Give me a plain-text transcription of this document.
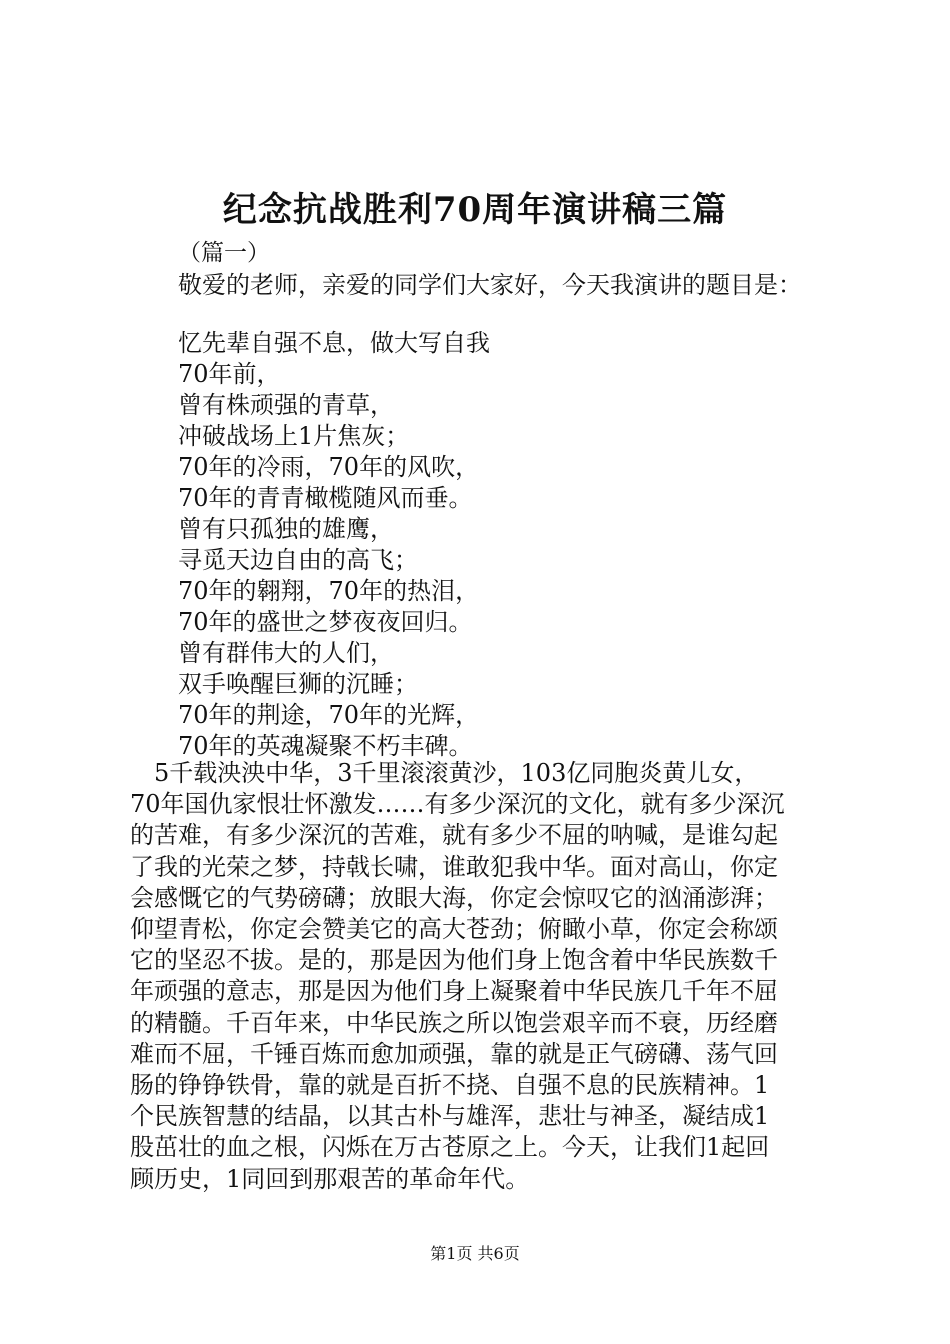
纪念抗战胜利70周年演讲稿三篇
（篇一）
敬爱的老师，亲爱的同学们大家好，今天我演讲的题目是：
忆先辈自强不息，做大写自我
70年前，
曾有株顽强的青草，
冲破战场上1片焦灰；
70年的冷雨，70年的风吹，
70年的青青橄榄随风而垂。
曾有只孤独的雄鹰，
寻觅天边自由的高飞；
70年的翱翔，70年的热泪，
70年的盛世之梦夜夜回归。
曾有群伟大的人们，
双手唤醒巨狮的沉睡；
70年的荆途，70年的光辉，
70年的英魂凝聚不朽丰碑。
　5千载泱泱中华，3千里滚滚黄沙，103亿同胞炎黄儿女，
70年国仇家恨壮怀激发……有多少深沉的文化，就有多少深沉
的苦难，有多少深沉的苦难，就有多少不屈的呐喊，是谁勾起
了我的光荣之梦，持戟长啸，谁敢犯我中华。面对高山，你定
会感慨它的气势磅礴；放眼大海，你定会惊叹它的汹涌澎湃；
仰望青松，你定会赞美它的高大苍劲；俯瞰小草，你定会称颂
它的坚忍不拔。是的，那是因为他们身上饱含着中华民族数千
年顽强的意志，那是因为他们身上凝聚着中华民族几千年不屈
的精髓。千百年来，中华民族之所以饱尝艰辛而不衰，历经磨
难而不屈，千锤百炼而愈加顽强，靠的就是正气磅礴、荡气回
肠的铮铮铁骨，靠的就是百折不挠、自强不息的民族精神。1
个民族智慧的结晶，以其古朴与雄浑，悲壮与神圣，凝结成1
股茁壮的血之根，闪烁在万古苍原之上。今天，让我们1起回
顾历史，1同回到那艰苦的革命年代。
第1页 共6页
